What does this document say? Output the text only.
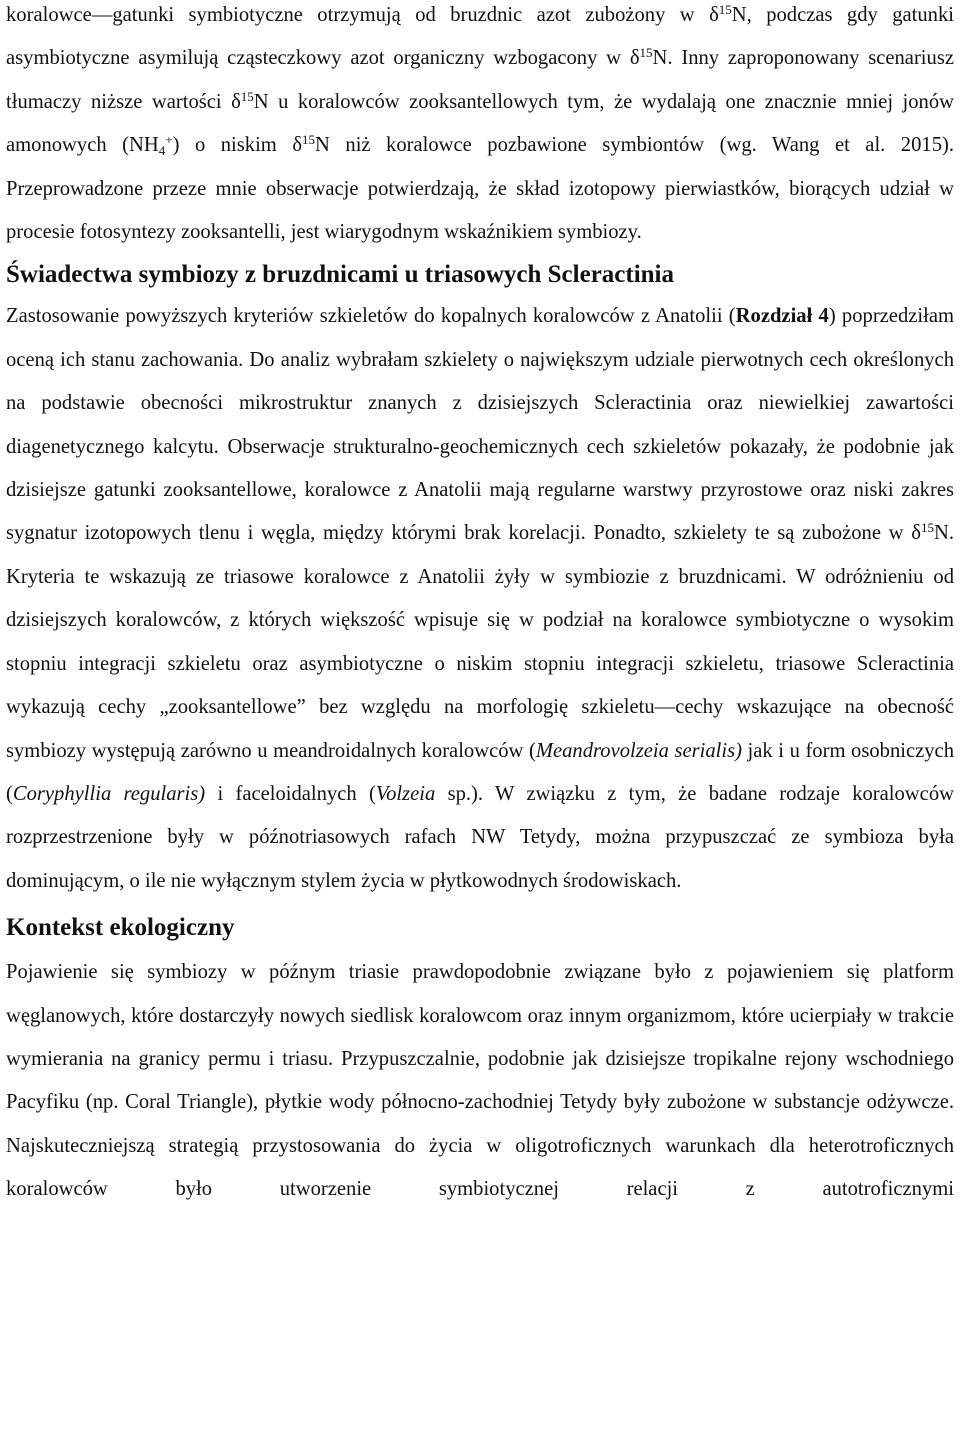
koralowce—gatunki symbiotyczne otrzymują od bruzdnic azot zubożony w $\delta^{15}N$, podczas gdy gatunki asymbiotyczne asymilują cząsteczkowy azot organiczny wzbogacony w $\delta^{15}N$. Inny zaproponowany scenariusz tłumaczy niższe wartości $\delta^{15}N$ u koralowców zooksantellowych tym, że wydalają one znacznie mniej jonów amonowych $(NH_4^+)$ o niskim $\delta^{15}N$ niż koralowce pozbawione symbiontów (wg. Wang et al. 2015). Przeprowadzone przeze mnie obserwacje potwierdzają, że skład izotopowy pierwiastków, biorących udział w procesie fotosyntezy zooksantelli, jest wiarygodnym wskaźnikiem symbiozy.

Świadectwa symbiozy z bruzdnicami u triasowych Scleractinia

Zastosowanie powyższych kryteriów szkieletów do kopalnych koralowców z Anatolii (Rozdział 4) poprzedziłam oceną ich stanu zachowania. Do analiz wybrałam szkielety o największym udziale pierwotnych cech określonych na podstawie obecności mikrostruktur znanych z dzisiejszych Scleractinia oraz niewielkiej zawartości diagenetycznego kalcytu. Obserwacje strukturalno-geochemicznych cech szkieletów pokazały, że podobnie jak dzisiejsze gatunki zooksantellowe, koralowce z Anatolii mają regularne warstwy przyrostowe oraz niski zakres sygnatur izotopowych tlenu i węgla, między którymi brak korelacji. Ponadto, szkielety te są zubożone w $\delta^{15}N$. Kryteria te wskazują ze triasowe koralowce z Anatolii żyły w symbiozie z bruzdnicami. W odróżnieniu od dzisiejszych koralowców, z których większość wpisuje się w podział na koralowce symbiotyczne o wysokim stopniu integracji szkieletu oraz asymbiotyczne o niskim stopniu integracji szkieletu, triasowe Scleractinia wykazują cechy „zooksantellowe” bez względu na morfologię szkieletu—cechy wskazujące na obecność symbiozy występują zarówno u meandroidalnych koralowców (Meandrovolzeia serialis) jak i u form osobniczych (Coryphyllia regularis) i faceloidalnych (Volzeia sp.). W związku z tym, że badane rodzaje koralowców rozprzestrzenione były w późnotriasowych rafach NW Tetydy, można przypuszczać ze symbioza była dominującym, o ile nie wyłącznym stylem życia w płytkowodnych środowiskach.

Kontekst ekologiczny

Pojawienie się symbiozy w późnym triasie prawdopodobnie związane było z pojawieniem się platform węglanowych, które dostarczyły nowych siedlisk koralowcom oraz innym organizmom, które ucierpiały w trakcie wymierania na granicy permu i triasu. Przypuszczalnie, podobnie jak dzisiejsze tropikalne rejony wschodniego Pacyfiku (np. Coral Triangle), płytkie wody północno-zachodniej Tetydy były zubożone w substancje odżywcze. Najskuteczniejszą strategią przystosowania do życia w oligotroficznych warunkach dla heterotroficznych koralowców było utworzenie symbiotycznej relacji z autotroficznymi
